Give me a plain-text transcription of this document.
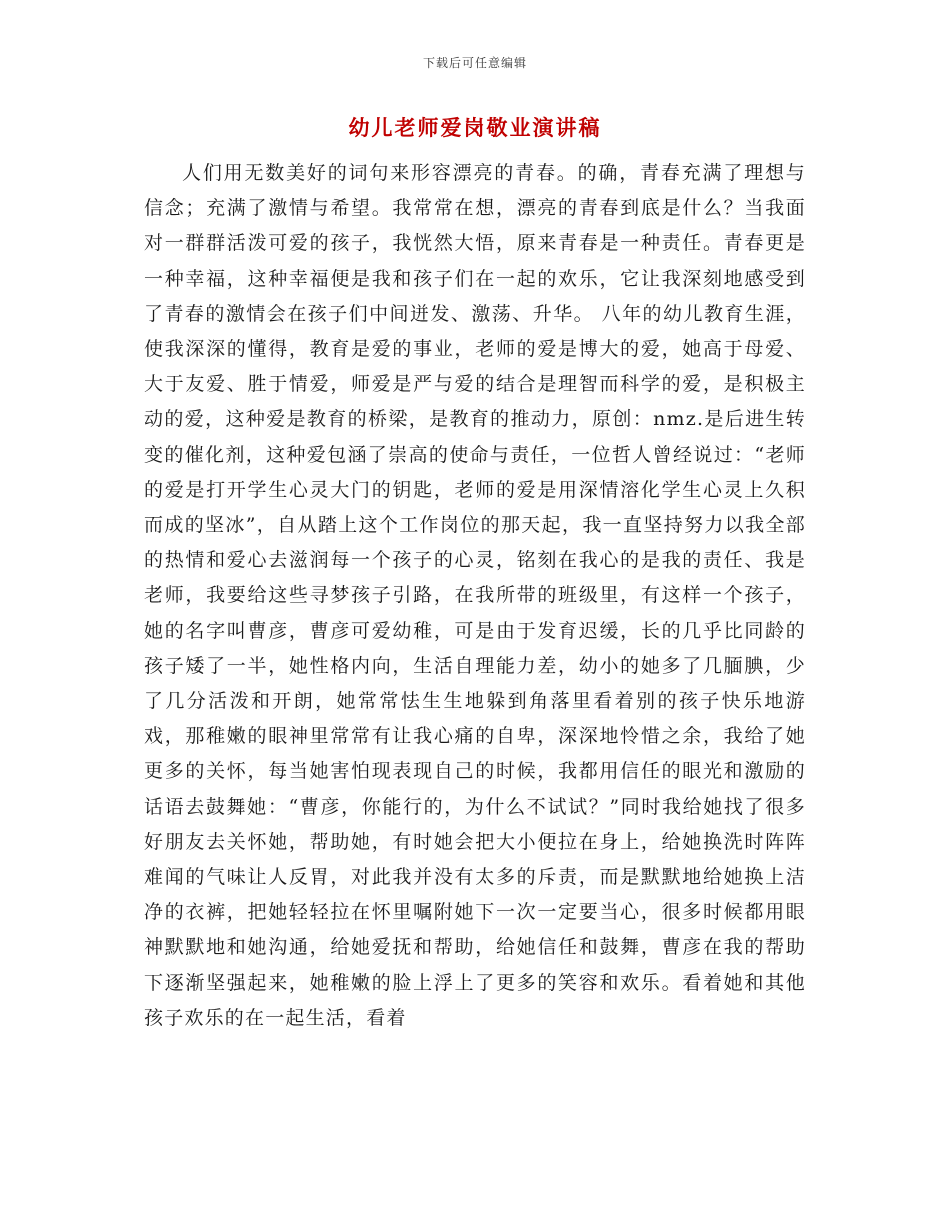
下载后可任意编辑
幼儿老师爱岗敬业演讲稿

人们用无数美好的词句来形容漂亮的青春。的确，青春充满了理想与信念；充满了激情与希望。我常常在想，漂亮的青春到底是什么？当我面对一群群活泼可爱的孩子，我恍然大悟，原来青春是一种责任。青春更是一种幸福，这种幸福便是我和孩子们在一起的欢乐，它让我深刻地感受到了青春的激情会在孩子们中间迸发、激荡、升华。 八年的幼儿教育生涯，使我深深的懂得，教育是爱的事业，老师的爱是博大的爱，她高于母爱、大于友爱、胜于情爱，师爱是严与爱的结合是理智而科学的爱，是积极主动的爱，这种爱是教育的桥梁，是教育的推动力，原创：nmz.是后进生转变的催化剂，这种爱包涵了崇高的使命与责任，一位哲人曾经说过：“老师的爱是打开学生心灵大门的钥匙，老师的爱是用深情溶化学生心灵上久积而成的坚冰”，自从踏上这个工作岗位的那天起，我一直坚持努力以我全部的热情和爱心去滋润每一个孩子的心灵，铭刻在我心的是我的责任、我是老师，我要给这些寻梦孩子引路，在我所带的班级里，有这样一个孩子，她的名字叫曹彦，曹彦可爱幼稚，可是由于发育迟缓，长的几乎比同龄的孩子矮了一半，她性格内向，生活自理能力差，幼小的她多了几腼腆，少了几分活泼和开朗，她常常怯生生地躲到角落里看着别的孩子快乐地游戏，那稚嫩的眼神里常常有让我心痛的自卑，深深地怜惜之余，我给了她更多的关怀，每当她害怕现表现自己的时候，我都用信任的眼光和激励的话语去鼓舞她：“曹彦，你能行的，为什么不试试？”同时我给她找了很多好朋友去关怀她，帮助她，有时她会把大小便拉在身上，给她换洗时阵阵难闻的气味让人反胃，对此我并没有太多的斥责，而是默默地给她换上洁净的衣裤，把她轻轻拉在怀里嘱附她下一次一定要当心，很多时候都用眼神默默地和她沟通，给她爱抚和帮助，给她信任和鼓舞，曹彦在我的帮助下逐渐坚强起来，她稚嫩的脸上浮上了更多的笑容和欢乐。看着她和其他孩子欢乐的在一起生活，看着
